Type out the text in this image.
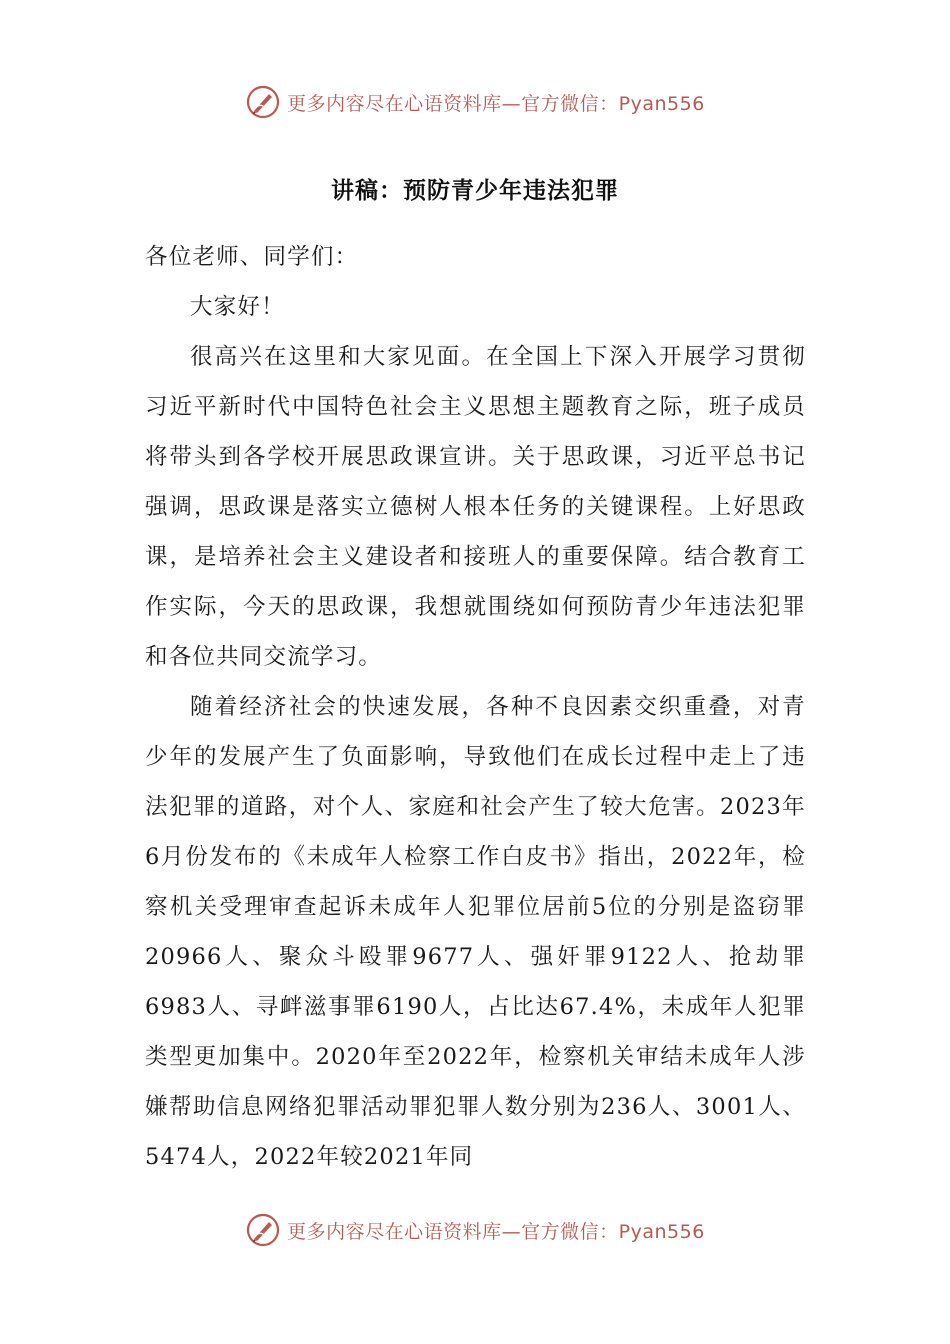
更多内容尽在心语资料库—官方微信：Pyan556
讲稿：预防青少年违法犯罪

各位老师、同学们：

大家好！

很高兴在这里和大家见面。在全国上下深入开展学习贯彻习近平新时代中国特色社会主义思想主题教育之际，班子成员将带头到各学校开展思政课宣讲。关于思政课，习近平总书记强调，思政课是落实立德树人根本任务的关键课程。上好思政课，是培养社会主义建设者和接班人的重要保障。结合教育工作实际，今天的思政课，我想就围绕如何预防青少年违法犯罪和各位共同交流学习。

随着经济社会的快速发展，各种不良因素交织重叠，对青少年的发展产生了负面影响，导致他们在成长过程中走上了违法犯罪的道路，对个人、家庭和社会产生了较大危害。2023年6月份发布的《未成年人检察工作白皮书》指出，2022年，检察机关受理审查起诉未成年人犯罪位居前5位的分别是盗窃罪20966人、聚众斗殴罪9677人、强奸罪9122人、抢劫罪6983人、寻衅滋事罪6190人，占比达67.4%，未成年人犯罪类型更加集中。2020年至2022年，检察机关审结未成年人涉嫌帮助信息网络犯罪活动罪犯罪人数分别为236人、3001人、5474人，2022年较2021年同

更多内容尽在心语资料库—官方微信：Pyan556
